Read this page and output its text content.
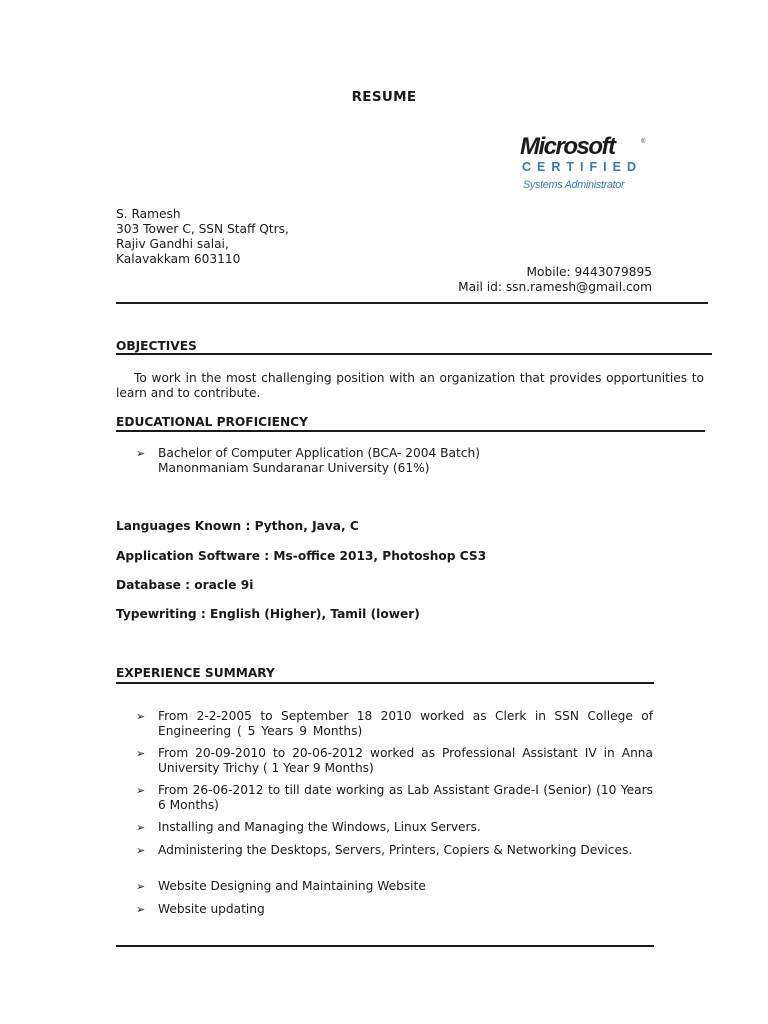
RESUME
Microsoft	®
CERTIFIED
Systems Administrator
S. Ramesh
303 Tower C, SSN Staff Qtrs,
Rajiv Gandhi salai,
Kalavakkam 603110
Mobile: 9443079895
Mail id: ssn.ramesh@gmail.com
OBJECTIVES
To work in the most challenging position with an organization that provides opportunities to learn and to contribute.
EDUCATIONAL PROFICIENCY
➢ Bachelor of Computer Application (BCA- 2004 Batch)
Manonmaniam Sundaranar University (61%)
Languages Known : Python, Java, C
Application Software : Ms-office 2013, Photoshop CS3
Database : oracle 9i
Typewriting : English (Higher), Tamil (lower)
EXPERIENCE SUMMARY
➢ From 2-2-2005 to September 18 2010 worked as Clerk in SSN College of Engineering ( 5 Years 9 Months)
➢ From 20-09-2010 to 20-06-2012 worked as Professional Assistant IV in Anna University Trichy ( 1 Year 9 Months)
➢ From 26-06-2012 to till date working as Lab Assistant Grade-I (Senior) (10 Years 6 Months)
➢ Installing and Managing the Windows, Linux Servers.
➢ Administering the Desktops, Servers, Printers, Copiers & Networking Devices.
➢ Website Designing and Maintaining Website
➢ Website updating
